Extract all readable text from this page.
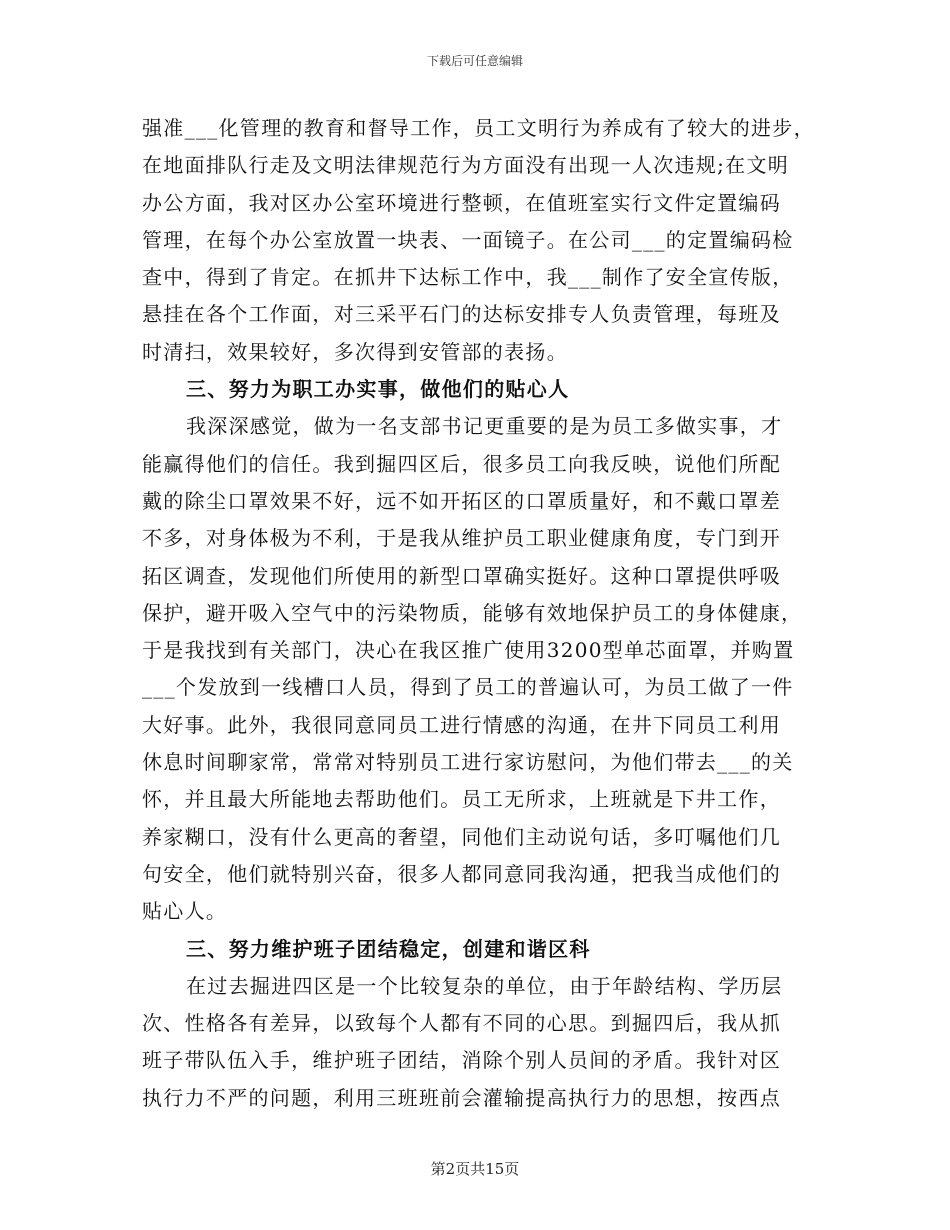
下载后可任意编辑
强准___化管理的教育和督导工作，员工文明行为养成有了较大的进步，
在地面排队行走及文明法律规范行为方面没有出现一人次违规;在文明
办公方面，我对区办公室环境进行整顿，在值班室实行文件定置编码
管理，在每个办公室放置一块表、一面镜子。在公司___的定置编码检
查中，得到了肯定。在抓井下达标工作中，我___制作了安全宣传版，
悬挂在各个工作面，对三采平石门的达标安排专人负责管理，每班及
时清扫，效果较好，多次得到安管部的表扬。
三、努力为职工办实事，做他们的贴心人
我深深感觉，做为一名支部书记更重要的是为员工多做实事，才
能赢得他们的信任。我到掘四区后，很多员工向我反映，说他们所配
戴的除尘口罩效果不好，远不如开拓区的口罩质量好，和不戴口罩差
不多，对身体极为不利，于是我从维护员工职业健康角度，专门到开
拓区调查，发现他们所使用的新型口罩确实挺好。这种口罩提供呼吸
保护，避开吸入空气中的污染物质，能够有效地保护员工的身体健康，
于是我找到有关部门，决心在我区推广使用3200型单芯面罩，并购置
___个发放到一线槽口人员，得到了员工的普遍认可，为员工做了一件
大好事。此外，我很同意同员工进行情感的沟通，在井下同员工利用
休息时间聊家常，常常对特别员工进行家访慰问，为他们带去___的关
怀，并且最大所能地去帮助他们。员工无所求，上班就是下井工作，
养家糊口，没有什么更高的奢望，同他们主动说句话，多叮嘱他们几
句安全，他们就特别兴奋，很多人都同意同我沟通，把我当成他们的
贴心人。
三、努力维护班子团结稳定，创建和谐区科
在过去掘进四区是一个比较复杂的单位，由于年龄结构、学历层
次、性格各有差异，以致每个人都有不同的心思。到掘四后，我从抓
班子带队伍入手，维护班子团结，消除个别人员间的矛盾。我针对区
执行力不严的问题，利用三班班前会灌输提高执行力的思想，按西点
第2页共15页
